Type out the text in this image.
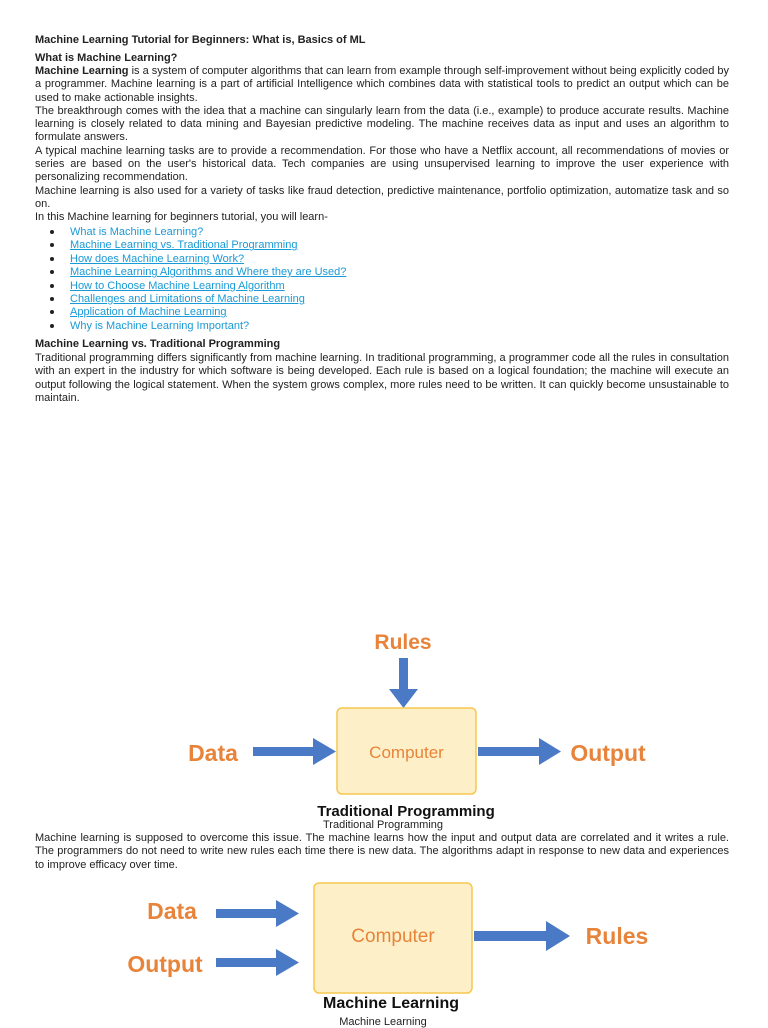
Machine Learning Tutorial for Beginners: What is, Basics of ML

What is Machine Learning?

Machine Learning is a system of computer algorithms that can learn from example through self-improvement without being explicitly coded by a programmer. Machine learning is a part of artificial Intelligence which combines data with statistical tools to predict an output which can be used to make actionable insights.

The breakthrough comes with the idea that a machine can singularly learn from the data (i.e., example) to produce accurate results. Machine learning is closely related to data mining and Bayesian predictive modeling. The machine receives data as input and uses an algorithm to formulate answers.

A typical machine learning tasks are to provide a recommendation. For those who have a Netflix account, all recommendations of movies or series are based on the user's historical data. Tech companies are using unsupervised learning to improve the user experience with personalizing recommendation.

Machine learning is also used for a variety of tasks like fraud detection, predictive maintenance, portfolio optimization, automatize task and so on.

In this Machine learning for beginners tutorial, you will learn-

What is Machine Learning?
Machine Learning vs. Traditional Programming
How does Machine Learning Work?
Machine Learning Algorithms and Where they are Used?
How to Choose Machine Learning Algorithm
Challenges and Limitations of Machine Learning
Application of Machine Learning
Why is Machine Learning Important?

Machine Learning vs. Traditional Programming

Traditional programming differs significantly from machine learning. In traditional programming, a programmer code all the rules in consultation with an expert in the industry for which software is being developed. Each rule is based on a logical foundation; the machine will execute an output following the logical statement. When the system grows complex, more rules need to be written. It can quickly become unsustainable to maintain.

Rules
Computer
Data	Output
Traditional Programming
Traditional Programming

Machine learning is supposed to overcome this issue. The machine learns how the input and output data are correlated and it writes a rule. The programmers do not need to write new rules each time there is new data. The algorithms adapt in response to new data and experiences to improve efficacy over time.

Data
Output
Computer	Rules
Machine Learning
Machine Learning
